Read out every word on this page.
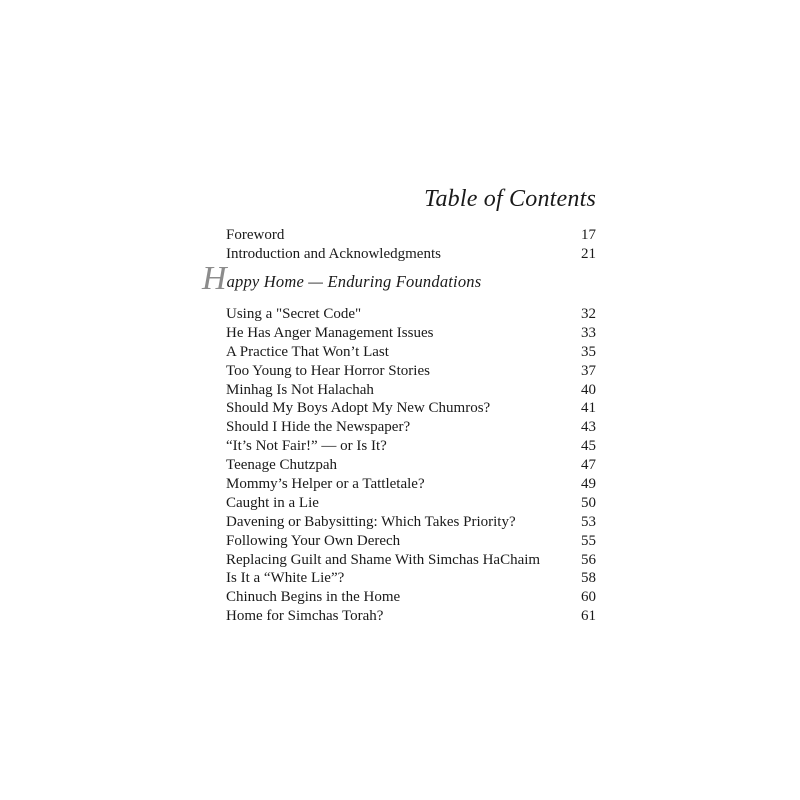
Table of Contents
Foreword	17
Introduction and Acknowledgments	21
Happy Home — Enduring Foundations
Using a "Secret Code"	32
He Has Anger Management Issues	33
A Practice That Won’t Last	35
Too Young to Hear Horror Stories	37
Minhag Is Not Halachah	40
Should My Boys Adopt My New Chumros?	41
Should I Hide the Newspaper?	43
“It’s Not Fair!” — or Is It?	45
Teenage Chutzpah	47
Mommy’s Helper or a Tattletale?	49
Caught in a Lie	50
Davening or Babysitting: Which Takes Priority?	53
Following Your Own Derech	55
Replacing Guilt and Shame With Simchas HaChaim	56
Is It a “White Lie”?	58
Chinuch Begins in the Home	60
Home for Simchas Torah?	61
